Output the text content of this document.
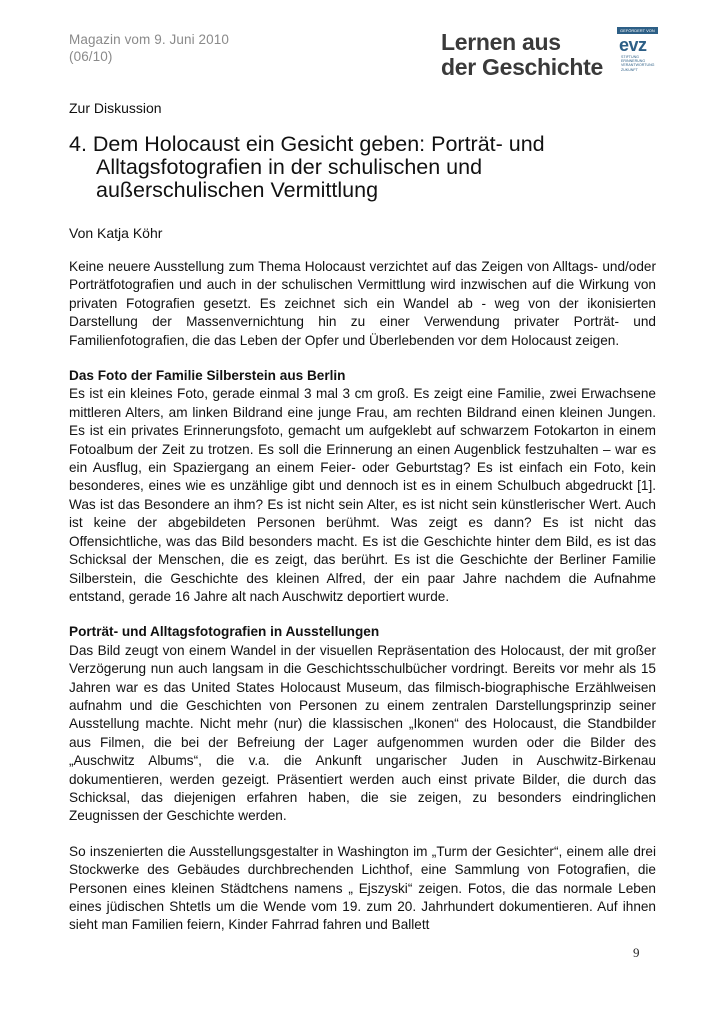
Magazin vom 9. Juni 2010
(06/10)
Lernen aus
der Geschichte
GEFÖRDERT VON
evz
STIFTUNG
ERINNERUNG
VERANTWORTUNG
ZUKUNFT
Zur Diskussion
4. Dem Holocaust ein Gesicht geben: Porträt- und
Alltagsfotografien in der schulischen und
außerschulischen Vermittlung
Von Katja Köhr

Keine neuere Ausstellung zum Thema Holocaust verzichtet auf das Zeigen von Alltags- und/oder Porträtfotografien und auch in der schulischen Vermittlung wird inzwischen auf die Wirkung von privaten Fotografien gesetzt. Es zeichnet sich ein Wandel ab - weg von der ikonisierten Darstellung der Massenvernichtung hin zu einer Verwendung privater Porträt- und Familienfotografien, die das Leben der Opfer und Überlebenden vor dem Holocaust zeigen.

Das Foto der Familie Silberstein aus Berlin

Es ist ein kleines Foto, gerade einmal 3 mal 3 cm groß. Es zeigt eine Familie, zwei Erwachsene mittleren Alters, am linken Bildrand eine junge Frau, am rechten Bildrand einen kleinen Jungen. Es ist ein privates Erinnerungsfoto, gemacht um aufgeklebt auf schwarzem Fotokarton in einem Fotoalbum der Zeit zu trotzen. Es soll die Erinnerung an einen Augenblick festzuhalten – war es ein Ausflug, ein Spaziergang an einem Feier- oder Geburtstag? Es ist einfach ein Foto, kein besonderes, eines wie es unzählige gibt und dennoch ist es in einem Schulbuch abgedruckt [1]. Was ist das Besondere an ihm? Es ist nicht sein Alter, es ist nicht sein künstlerischer Wert. Auch ist keine der abgebildeten Personen berühmt. Was zeigt es dann? Es ist nicht das Offensichtliche, was das Bild besonders macht. Es ist die Geschichte hinter dem Bild, es ist das Schicksal der Menschen, die es zeigt, das berührt. Es ist die Geschichte der Berliner Familie Silberstein, die Geschichte des kleinen Alfred, der ein paar Jahre nachdem die Aufnahme entstand, gerade 16 Jahre alt nach Auschwitz deportiert wurde.

Porträt- und Alltagsfotografien in Ausstellungen

Das Bild zeugt von einem Wandel in der visuellen Repräsentation des Holocaust, der mit großer Verzögerung nun auch langsam in die Geschichtsschulbücher vordringt. Bereits vor mehr als 15 Jahren war es das United States Holocaust Museum, das filmisch-biographische Erzählweisen aufnahm und die Geschichten von Personen zu einem zentralen Darstellungsprinzip seiner Ausstellung machte. Nicht mehr (nur) die klassischen „Ikonen“ des Holocaust, die Standbilder aus Filmen, die bei der Befreiung der Lager aufgenommen wurden oder die Bilder des „Auschwitz Albums“, die v.a. die Ankunft ungarischer Juden in Auschwitz-Birkenau dokumentieren, werden gezeigt. Präsentiert werden auch einst private Bilder, die durch das Schicksal, das diejenigen erfahren haben, die sie zeigen, zu besonders eindringlichen Zeugnissen der Geschichte werden.

So inszenierten die Ausstellungsgestalter in Washington im „Turm der Gesichter“, einem alle drei Stockwerke des Gebäudes durchbrechenden Lichthof, eine Sammlung von Fotografien, die Personen eines kleinen Städtchens namens „ Ejszyski“ zeigen. Fotos, die das normale Leben eines jüdischen Shtetls um die Wende vom 19. zum 20. Jahrhundert dokumentieren. Auf ihnen sieht man Familien feiern, Kinder Fahrrad fahren und Ballett

9
